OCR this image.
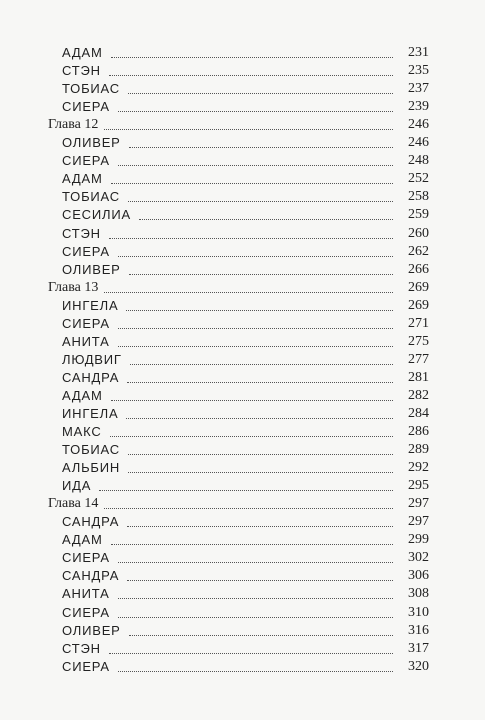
АДАМ	231
СТЭН	235
ТОБИАС	237
СИЕРА	239
Глава 12	246
ОЛИВЕР	246
СИЕРА	248
АДАМ	252
ТОБИАС	258
СЕСИЛИА	259
СТЭН	260
СИЕРА	262
ОЛИВЕР	266
Глава 13	269
ИНГЕЛА	269
СИЕРА	271
АНИТА	275
ЛЮДВИГ	277
САНДРА	281
АДАМ	282
ИНГЕЛА	284
МАКС	286
ТОБИАС	289
АЛЬБИН	292
ИДА	295
Глава 14	297
САНДРА	297
АДАМ	299
СИЕРА	302
САНДРА	306
АНИТА	308
СИЕРА	310
ОЛИВЕР	316
СТЭН	317
СИЕРА	320
